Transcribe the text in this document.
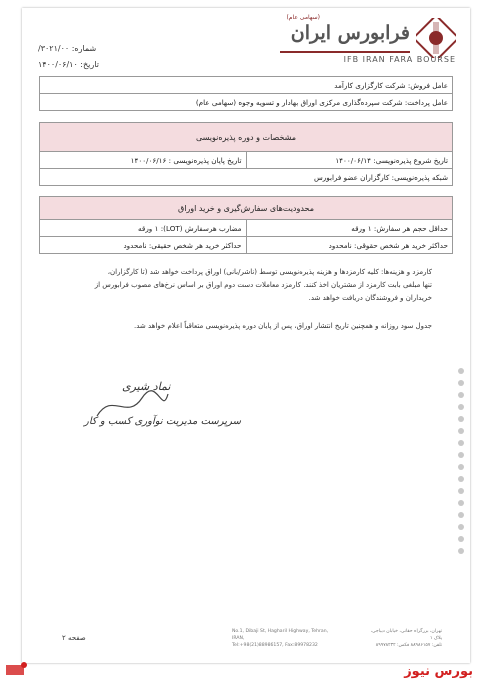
فرابورس ایران
(سهامی عام)
IFB IRAN FARA BOURSE
شماره: ۳۰۲۱/۰۰/
تاریخ: ۱۴۰۰/۰۶/۱۰
عامل فروش: شرکت کارگزاری کارآمد
عامل پرداخت: شرکت سپرده‌گذاری مرکزی اوراق بهادار و تسویه وجوه (سهامی عام)
مشخصات و دوره پذیره‌نویسی
تاریخ شروع پذیره‌نویسی: ۱۴۰۰/۰۶/۱۴	تاریخ پایان پذیره‌نویسی : ۱۴۰۰/۰۶/۱۶
شبکه پذیره‌نویسی: کارگزاران عضو فرابورس
محدودیت‌های سفارش‌گیری و خرید اوراق	
حداقل حجم هر سفارش: ۱ ورقه	مضارب هرسفارش (LOT): ۱ ورقه
حداکثر خرید هر شخص حقوقی: نامحدود	حداکثر خرید هر شخص حقیقی: نامحدود
کارمزد و هزینه‌ها: کلیه کارمزدها و هزینه پذیره‌نویسی توسط (ناشر/بانی) اوراق پرداخت خواهد شد (تا کارگزاران،
تنها مبلغی بابت کارمزد از مشتریان اخذ کنند. کارمزد معاملات دست دوم اوراق بر اساس نرخ‌های مصوب فرابورس از
خریداران و فروشندگان دریافت خواهد شد.
جدول سود روزانه و همچنین تاریخ انتشار اوراق، پس از پایان دوره پذیره‌نویسی متعاقباً اعلام خواهد شد.
نماد شیری
سرپرست مدیریت نوآوری کسب و کار
No.1, Dibaji St, Hagharil Highway, Tehran, IRAN,
Tel:+98(21)88986157, Fax:89978232
تهران، بزرگراه حقانی، خیابان دیباجی، پلاک ۱
تلفن: ۸۸۹۸۶۱۵۷ فکس: ۸۹۹۷۸۲۳۲
صفحه ۲
بورس نیوز
